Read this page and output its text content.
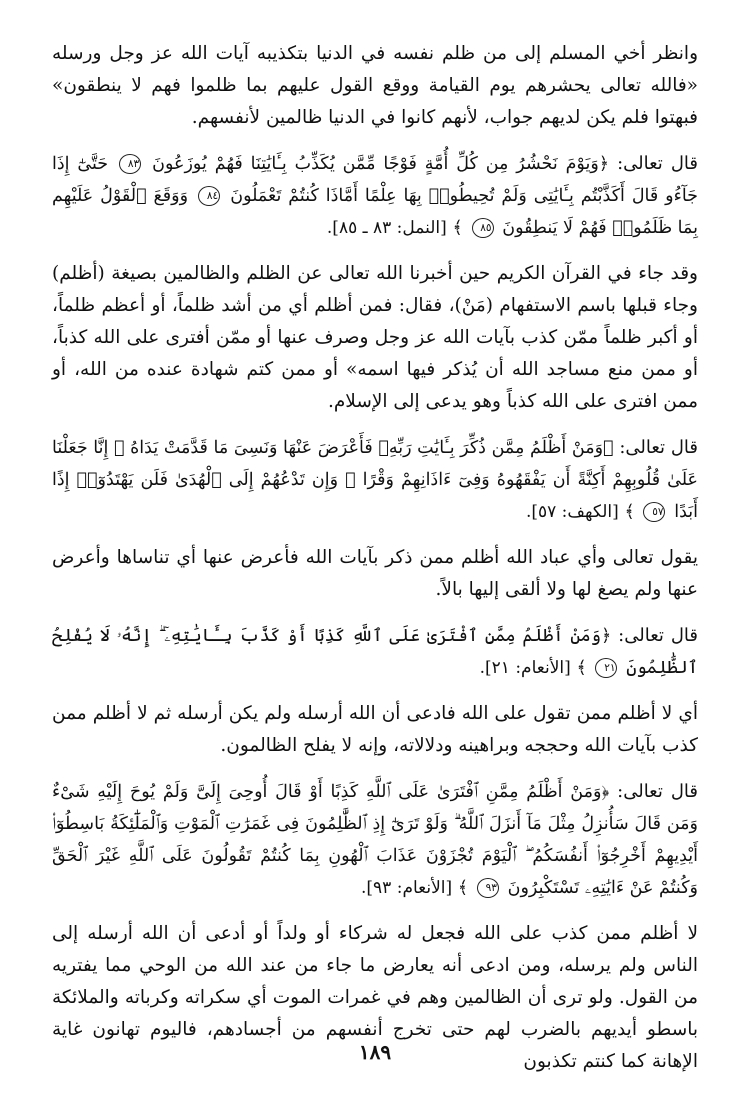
وانظر أخي المسلم إلى من ظلم نفسه في الدنيا بتكذيبه آيات الله عز وجل ورسله «فالله تعالى يحشرهم يوم القيامة ووقع القول عليهم بما ظلموا فهم لا ينطقون» فبهتوا فلم يكن لديهم جواب، لأنهم كانوا في الدنيا ظالمين لأنفسهم.

قال تعالى: ﴿وَيَوْمَ نَحْشُرُ مِن كُلِّ أُمَّةٍ فَوْجًا مِّمَّن يُكَذِّبُ بِـَٔايَٰتِنَا فَهُمْ يُوزَعُونَ ٨٣ حَتَّىٰٓ إِذَا جَآءُو قَالَ أَكَذَّبْتُم بِـَٔايَٰتِى وَلَمْ تُحِيطُوا۟ بِهَا عِلْمًا أَمَّاذَا كُنتُمْ تَعْمَلُونَ ٨٤ وَوَقَعَ ٱلْقَوْلُ عَلَيْهِم بِمَا ظَلَمُوا۟ فَهُمْ لَا يَنطِقُونَ ٨٥ ﴾ [النمل: ٨٣ ـ ٨٥].

وقد جاء في القرآن الكريم حين أخبرنا الله تعالى عن الظلم والظالمين بصيغة (أظلم) وجاء قبلها باسم الاستفهام (مَنْ)، فقال: فمن أظلم أي من أشد ظلماً، أو أعظم ظلماً، أو أكبر ظلماً ممّن كذب بآيات الله عز وجل وصرف عنها أو ممّن أفترى على الله كذباً، أو ممن منع مساجد الله أن يُذكر فيها اسمه» أو ممن كتم شهادة عنده من الله، أو ممن افترى على الله كذباً وهو يدعى إلى الإسلام.

قال تعالى: ﴿وَمَنْ أَظْلَمُ مِمَّن ذُكِّرَ بِـَٔايَٰتِ رَبِّهِۦ فَأَعْرَضَ عَنْهَا وَنَسِىَ مَا قَدَّمَتْ يَدَاهُ ۚ إِنَّا جَعَلْنَا عَلَىٰ قُلُوبِهِمْ أَكِنَّةً أَن يَفْقَهُوهُ وَفِىٓ ءَاذَانِهِمْ وَقْرًا ۖ وَإِن تَدْعُهُمْ إِلَى ٱلْهُدَىٰ فَلَن يَهْتَدُوٓا۟ إِذًا أَبَدًا ٥٧ ﴾ [الكهف: ٥٧].

يقول تعالى وأي عباد الله أظلم ممن ذكر بآيات الله فأعرض عنها أي تناساها وأعرض عنها ولم يصغ لها ولا ألقى إليها بالاً.

قال تعالى: ﴿وَمَنْ أَظْلَمُ مِمَّنِ ٱفْتَرَىٰ عَلَى ٱللَّهِ كَذِبًا أَوْ كَذَّبَ بِـَٔايَٰتِهِۦٓ ۗ إِنَّهُۥ لَا يُفْلِحُ ٱلظَّٰلِمُونَ ٢١ ﴾ [الأنعام: ٢١].

أي لا أظلم ممن تقول على الله فادعى أن الله أرسله ولم يكن أرسله ثم لا أظلم ممن كذب بآيات الله وحججه وبراهينه ودلالاته، وإنه لا يفلح الظالمون.

قال تعالى: ﴿وَمَنْ أَظْلَمُ مِمَّنِ ٱفْتَرَىٰ عَلَى ٱللَّهِ كَذِبًا أَوْ قَالَ أُوحِىَ إِلَىَّ وَلَمْ يُوحَ إِلَيْهِ شَىْءٌ وَمَن قَالَ سَأُنزِلُ مِثْلَ مَآ أَنزَلَ ٱللَّهُ ۗ وَلَوْ تَرَىٰٓ إِذِ ٱلظَّٰلِمُونَ فِى غَمَرَٰتِ ٱلْمَوْتِ وَٱلْمَلَٰٓئِكَةُ بَاسِطُوٓا۟ أَيْدِيهِمْ أَخْرِجُوٓا۟ أَنفُسَكُمُ ۖ ٱلْيَوْمَ تُجْزَوْنَ عَذَابَ ٱلْهُونِ بِمَا كُنتُمْ تَقُولُونَ عَلَى ٱللَّهِ غَيْرَ ٱلْحَقِّ وَكُنتُمْ عَنْ ءَايَٰتِهِۦ تَسْتَكْبِرُونَ ٩٣ ﴾ [الأنعام: ٩٣].

لا أظلم ممن كذب على الله فجعل له شركاء أو ولداً أو أدعى أن الله أرسله إلى الناس ولم يرسله، ومن ادعى أنه يعارض ما جاء من عند الله من الوحي مما يفتريه من القول. ولو ترى أن الظالمين وهم في غمرات الموت أي سكراته وكرباته والملائكة باسطو أيديهم بالضرب لهم حتى تخرج أنفسهم من أجسادهم، فاليوم تهانون غاية الإهانة كما كنتم تكذبون

١٨٩
